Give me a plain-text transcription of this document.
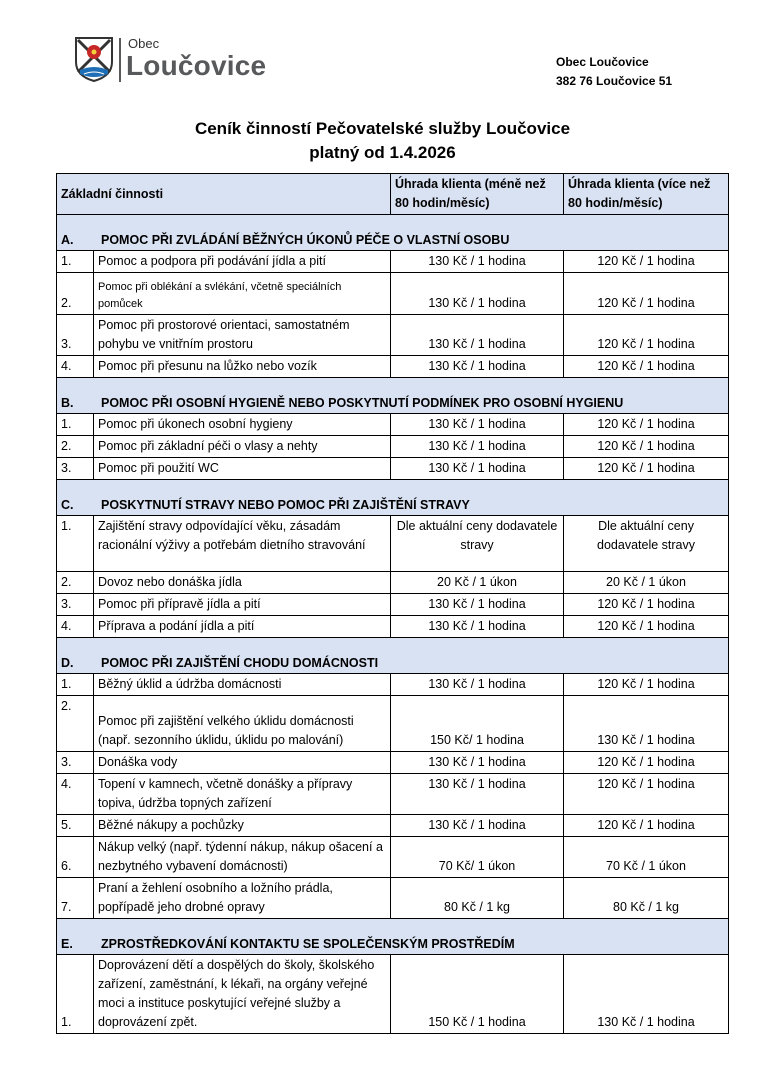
Obec
Loučovice	Obec Loučovice
382 76 Loučovice 51
Ceník činností Pečovatelské služby Loučovice
platný od 1.4.2026
Základní činnosti		Úhrada klienta (méně než 80 hodin/měsíc)	Úhrada klienta (více než 80 hodin/měsíc)
A. POMOC PŘI ZVLÁDÁNÍ BĚŽNÝCH ÚKONŮ PÉČE O VLASTNÍ OSOBU			
1.	Pomoc a podpora při podávání jídla a pití	130 Kč / 1 hodina	120 Kč / 1 hodina
2.	Pomoc při oblékání a svlékání, včetně speciálních pomůcek	130 Kč / 1 hodina	120 Kč / 1 hodina
3.	Pomoc při prostorové orientaci, samostatném pohybu ve vnitřním prostoru	130 Kč / 1 hodina	120 Kč / 1 hodina
4.	Pomoc při přesunu na lůžko nebo vozík	130 Kč / 1 hodina	120 Kč / 1 hodina
B. POMOC PŘI OSOBNÍ HYGIENĚ NEBO POSKYTNUTÍ PODMÍNEK PRO OSOBNÍ HYGIENU			
1.	Pomoc při úkonech osobní hygieny	130 Kč / 1 hodina	120 Kč / 1 hodina
2.	Pomoc při základní péči o vlasy a nehty	130 Kč / 1 hodina	120 Kč / 1 hodina
3.	Pomoc při použití WC	130 Kč / 1 hodina	120 Kč / 1 hodina
C. POSKYTNUTÍ STRAVY NEBO POMOC PŘI ZAJIŠTĚNÍ STRAVY			
1.	Zajištění stravy odpovídající věku, zásadám racionální výživy a potřebám dietního stravování	Dle aktuální ceny dodavatele stravy	Dle aktuální ceny dodavatele stravy
2.	Dovoz nebo donáška jídla	20 Kč / 1 úkon	20 Kč / 1 úkon
3.	Pomoc při přípravě jídla a pití	130 Kč / 1 hodina	120 Kč / 1 hodina
4.	Příprava a podání jídla a pití	130 Kč / 1 hodina	120 Kč / 1 hodina
D. POMOC PŘI ZAJIŠTĚNÍ CHODU DOMÁCNOSTI			
1.	Běžný úklid a údržba domácnosti	130 Kč / 1 hodina	120 Kč / 1 hodina
2.	Pomoc při zajištění velkého úklidu domácnosti (např. sezonního úklidu, úklidu po malování)	150 Kč/ 1 hodina	130 Kč / 1 hodina
3.	Donáška vody	130 Kč / 1 hodina	120 Kč / 1 hodina
4.	Topení v kamnech, včetně donášky a přípravy topiva, údržba topných zařízení	130 Kč / 1 hodina	120 Kč / 1 hodina
5.	Běžné nákupy a pochůzky	130 Kč / 1 hodina	120 Kč / 1 hodina
6.	Nákup velký (např. týdenní nákup, nákup ošacení a nezbytného vybavení domácnosti)	70 Kč/ 1 úkon	70 Kč / 1 úkon
7.	Praní a žehlení osobního a ložního prádla, popřípadě jeho drobné opravy	80 Kč / 1 kg	80 Kč / 1 kg
E. ZPROSTŘEDKOVÁNÍ KONTAKTU SE SPOLEČENSKÝM PROSTŘEDÍM			
1.	Doprovázení dětí a dospělých do školy, školského zařízení, zaměstnání, k lékaři, na orgány veřejné moci a instituce poskytující veřejné služby a doprovázení zpět.	150 Kč / 1 hodina	130 Kč / 1 hodina
